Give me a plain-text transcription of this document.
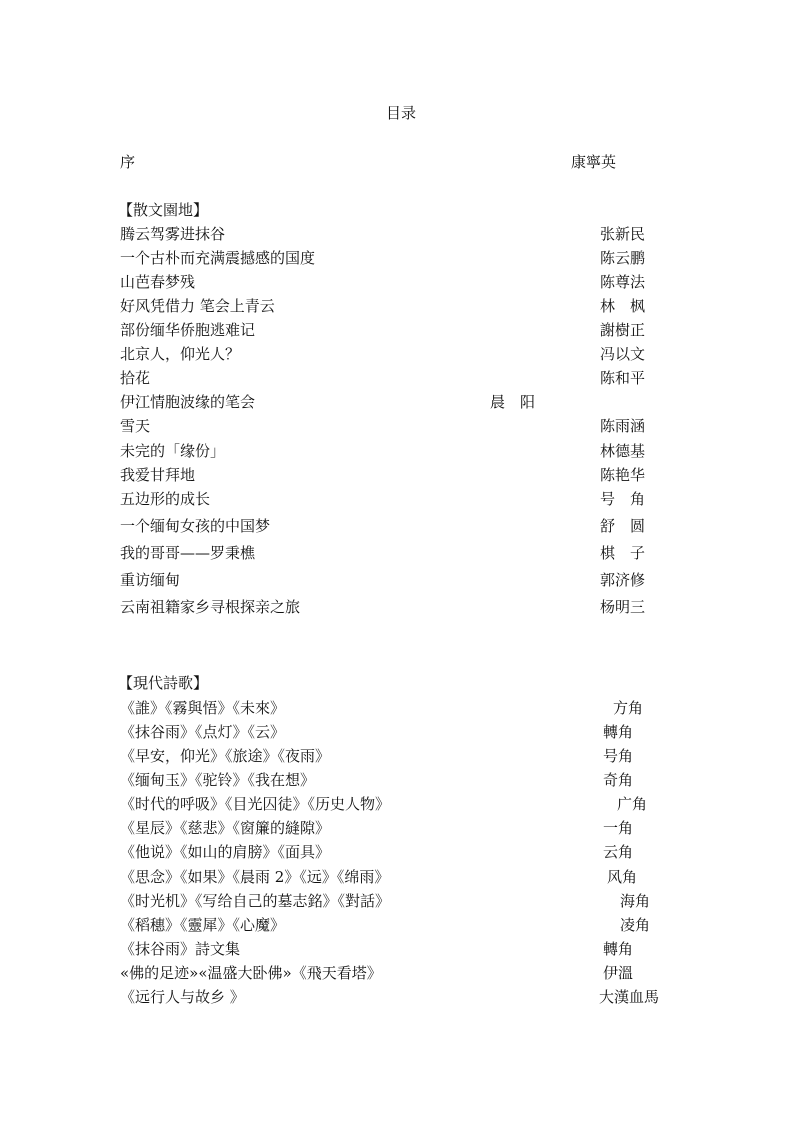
目录
序	康寧英
【散文園地】
腾云驾雾进抹谷	张新民
一个古朴而充满震撼感的国度	陈云鹏
山芭春梦残	陈尊法
好风凭借力 笔会上青云	林　枫
部份缅华侨胞逃难记	謝樹正
北京人，仰光人？	冯以文
拾花	陈和平
伊江情胞波缘的笔会	晨　阳
雪天	陈雨涵
未完的「缘份」	林德基
我爱甘拜地	陈艳华
五边形的成长	号　角
一个缅甸女孩的中国梦	舒　圆
我的哥哥——罗秉樵	棋　子
重访缅甸	郭济修
云南祖籍家乡寻根探亲之旅	杨明三
【現代詩歌】
《誰》《霧與悟》《未來》	方角
《抹谷雨》《点灯》《云》	轉角
《早安，仰光》《旅途》《夜雨》	号角
《缅甸玉》《驼铃》《我在想》	奇角
《时代的呼吸》《目光囚徒》《历史人物》	广角
《星辰》《慈悲》《窗簾的縫隙》	一角
《他说》《如山的肩膀》《面具》	云角
《思念》《如果》《晨雨 2》《远》《绵雨》	风角
《时光机》《写给自己的墓志銘》《對話》	海角
《稻穗》《靈犀》《心魔》	凌角
《抹谷雨》詩文集	轉角
«佛的足迹»«温盛大卧佛»《飛天看塔》	伊溫
《远行人与故乡 》	大漢血馬
